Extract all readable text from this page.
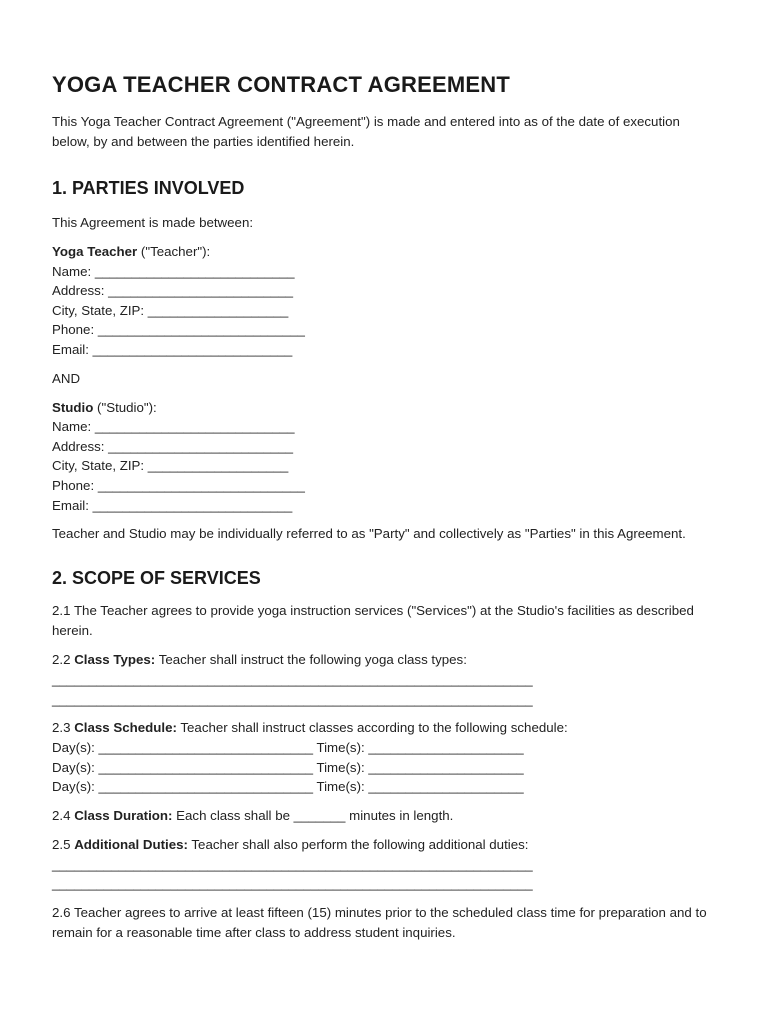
YOGA TEACHER CONTRACT AGREEMENT

This Yoga Teacher Contract Agreement ("Agreement") is made and entered into as of the date of execution below, by and between the parties identified herein.

1. PARTIES INVOLVED

This Agreement is made between:

Yoga Teacher ("Teacher"):

Name: ___________________________

Address: _________________________

City, State, ZIP: ___________________

Phone: ____________________________

Email: ___________________________

AND

Studio ("Studio"):

Name: ___________________________

Address: _________________________

City, State, ZIP: ___________________

Phone: ____________________________

Email: ___________________________

Teacher and Studio may be individually referred to as "Party" and collectively as "Parties" in this Agreement.

2. SCOPE OF SERVICES

2.1 The Teacher agrees to provide yoga instruction services ("Services") at the Studio's facilities as described herein.

2.2 Class Types: Teacher shall instruct the following yoga class types:

_________________________________________________________________

_________________________________________________________________

2.3 Class Schedule: Teacher shall instruct classes according to the following schedule:

Day(s): _____________________________ Time(s): _____________________

Day(s): _____________________________ Time(s): _____________________

Day(s): _____________________________ Time(s): _____________________

2.4 Class Duration: Each class shall be _______ minutes in length.

2.5 Additional Duties: Teacher shall also perform the following additional duties:

_________________________________________________________________

_________________________________________________________________

2.6 Teacher agrees to arrive at least fifteen (15) minutes prior to the scheduled class time for preparation and to remain for a reasonable time after class to address student inquiries.
